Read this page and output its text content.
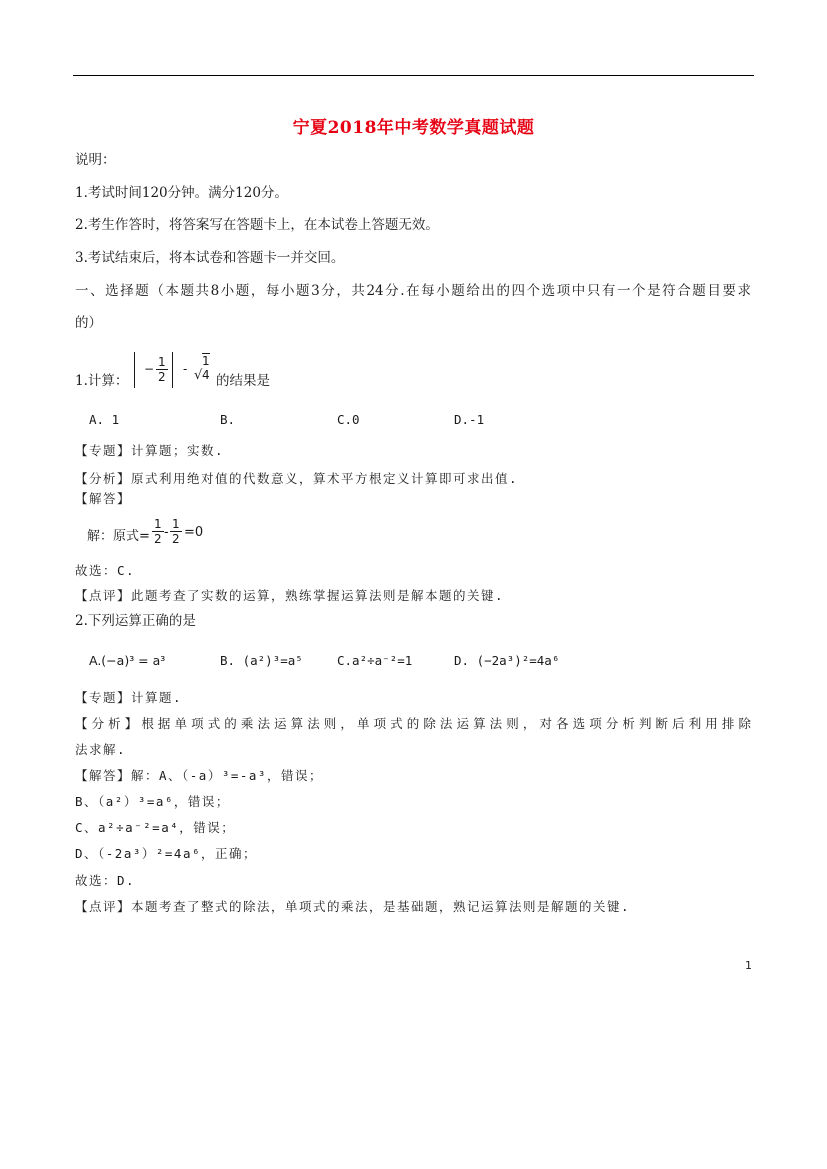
宁夏2018年中考数学真题试题
说明：
1.考试时间120分钟。满分120分。
2.考生作答时，将答案写在答题卡上，在本试卷上答题无效。
3.考试结束后，将本试卷和答题卡一并交回。
一、选择题（本题共8小题，每小题3分，共24分.在每小题给出的四个选项中只有一个是符合题目要求
的）
1.计算：
− $\frac{1}{2}$ - √
1
4 的结果是
A. 1	B.	C.0	D.-1
【专题】计算题；实数.
【分析】原式利用绝对值的代数意义，算术平方根定义计算即可求出值.
【解答】
解：原式= $\frac{1}{2} - \frac{1}{2} =0$
故选：C.
【点评】此题考查了实数的运算，熟练掌握运算法则是解本题的关键.
2.下列运算正确的是
A.(−a)³ = a³	B. (a²)³=a⁵	C.a²÷a⁻²=1	D. (−2a³)²=4a⁶
【专题】计算题.
【分析】根据单项式的乘法运算法则，单项式的除法运算法则，对各选项分析判断后利用排除
法求解.
【解答】解：A、（-a）³=-a³，错误；
B、（a²）³=a⁶，错误；
C、a²÷a⁻²=a⁴，错误；
D、（-2a³）²=4a⁶，正确；
故选：D.
【点评】本题考查了整式的除法，单项式的乘法，是基础题，熟记运算法则是解题的关键.
1
